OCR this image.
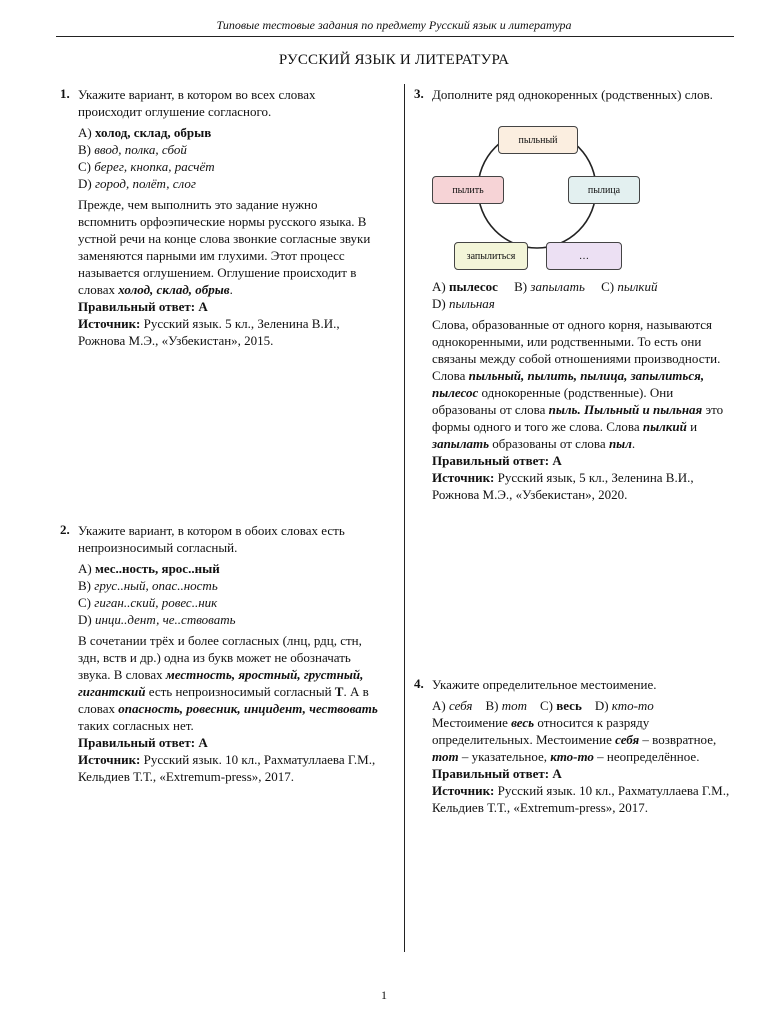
Типовые тестовые задания по предмету Русский язык и литература
РУССКИЙ ЯЗЫК И ЛИТЕРАТУРА
1. Укажите вариант, в котором во всех словах происходит оглушение согласного.

A) холод, склад, обрыв

B) ввод, полка, сбой

C) берег, кнопка, расчёт

D) город, полёт, слог

Прежде, чем выполнить это задание нужно вспомнить орфоэпические нормы русского языка. В устной речи на конце слова звонкие согласные звуки заменяются парными им глухими. Этот процесс называется оглушением. Оглушение происходит в словах холод, склад, обрыв.

Правильный ответ: A

Источник: Русский язык. 5 кл., Зеленина В.И., Рожнова М.Э., «Узбекистан», 2015.

2. Укажите вариант, в котором в обоих словах есть непроизносимый согласный.

A) мес..ность, ярос..ный

B) грус..ный, опас..ность

C) гиган..ский, ровес..ник

D) инци..дент, че..ствовать

В сочетании трёх и более согласных (лнц, рдц, стн, здн, вств и др.) одна из букв может не обозначать звука. В словах местность, яростный, грустный, гигантский есть непроизносимый согласный Т. А в словах опасность, ровесник, инцидент, чествовать таких согласных нет.

Правильный ответ: A

Источник: Русский язык. 10 кл., Рахматуллаева Г.М., Кельдиев Т.Т., «Extremum-press», 2017.

3. Дополните ряд однокоренных (родственных) слов.

пыльный
пылица
…
запылиться
пылить

A) пылесос B) запылать C) пылкий

D) пыльная

Слова, образованные от одного корня, называются однокоренными, или родственными. То есть они связаны между собой отношениями производности. Слова пыльный, пылить, пылица, запылиться, пылесос однокоренные (родственные). Они образованы от слова пыль. Пыльный и пыльная это формы одного и того же слова. Слова пылкий и запылать образованы от слова пыл.

Правильный ответ: A

Источник: Русский язык, 5 кл., Зеленина В.И., Рожнова М.Э., «Узбекистан», 2020.

4. Укажите определительное местоимение.

A) себя B) тот C) весь D) кто-то

Местоимение весь относится к разряду определительных. Местоимение себя – возвратное, тот – указательное, кто-то – неопределённое.

Правильный ответ: A

Источник: Русский язык. 10 кл., Рахматуллаева Г.М., Кельдиев Т.Т., «Extremum-press», 2017.

1
